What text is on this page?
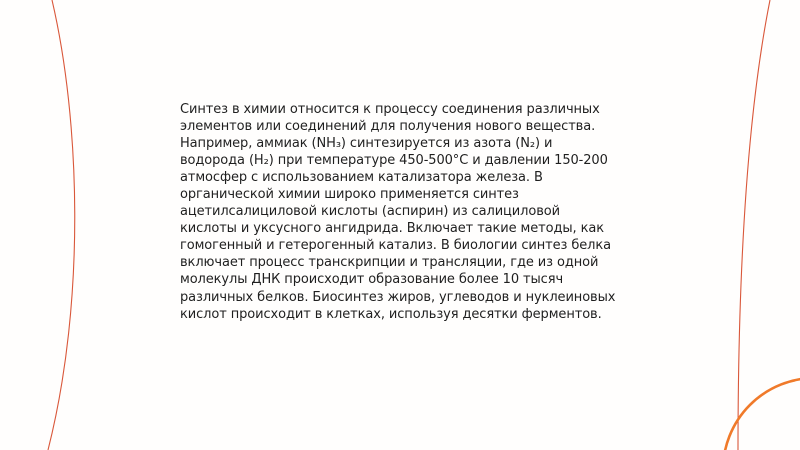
Синтез в химии относится к процессу соединения различных
элементов или соединений для получения нового вещества.
Например, аммиак (NH₃) синтезируется из азота (N₂) и
водорода (H₂) при температуре 450-500°C и давлении 150-200
атмосфер с использованием катализатора железа. В
органической химии широко применяется синтез
ацетилсалициловой кислоты (аспирин) из салициловой
кислоты и уксусного ангидрида. Включает такие методы, как
гомогенный и гетерогенный катализ. В биологии синтез белка
включает процесс транскрипции и трансляции, где из одной
молекулы ДНК происходит образование более 10 тысяч
различных белков. Биосинтез жиров, углеводов и нуклеиновых
кислот происходит в клетках, используя десятки ферментов.
